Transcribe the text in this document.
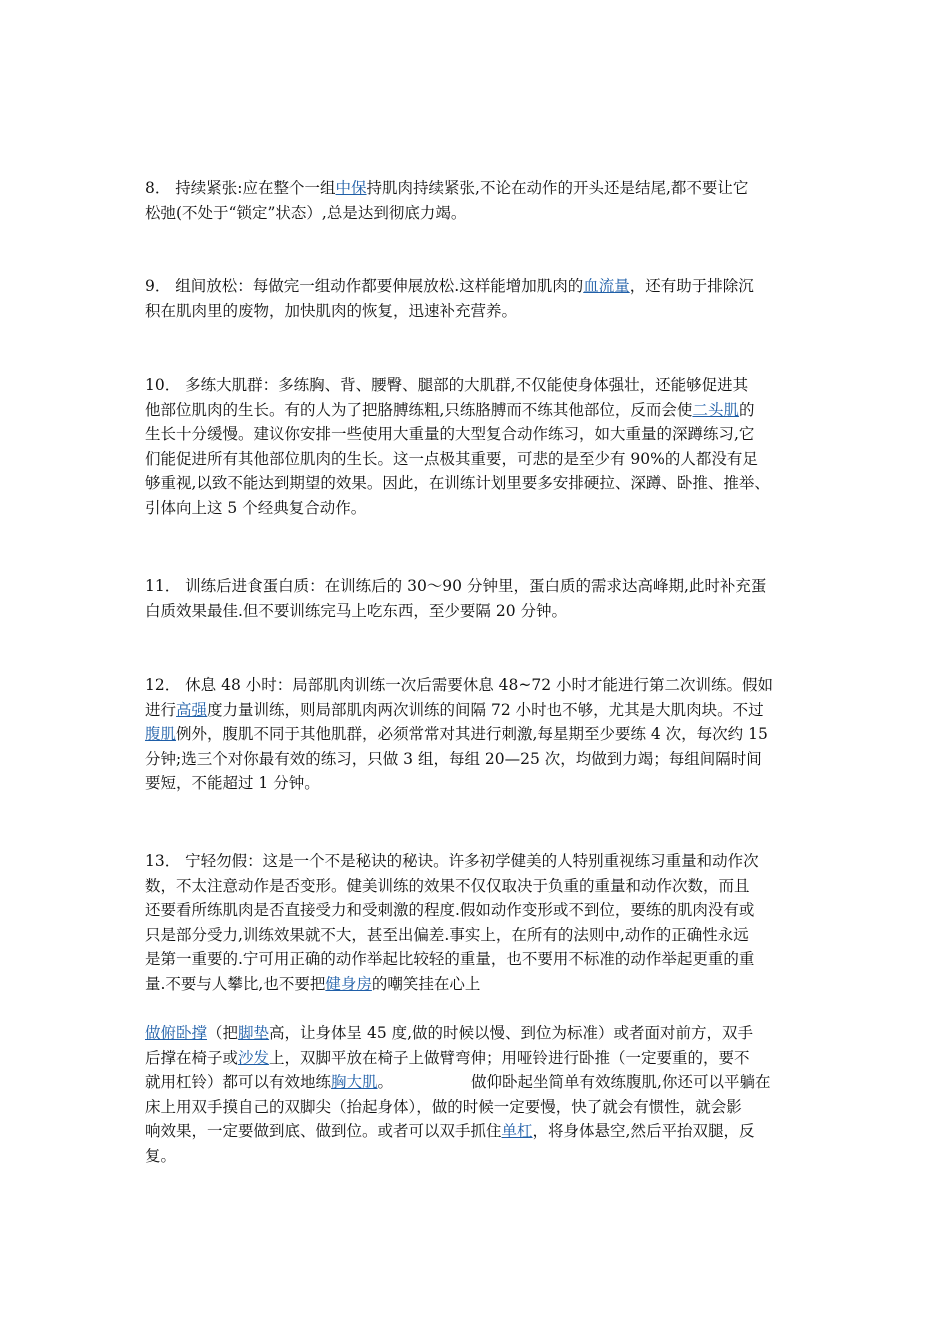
8． 持续紧张:应在整个一组中保持肌肉持续紧张,不论在动作的开头还是结尾,都不要让它
松弛(不处于“锁定”状态）,总是达到彻底力竭。
9． 组间放松：每做完一组动作都要伸展放松.这样能增加肌肉的血流量，还有助于排除沉
积在肌肉里的废物，加快肌肉的恢复，迅速补充营养。
10． 多练大肌群：多练胸、背、腰臀、腿部的大肌群,不仅能使身体强壮，还能够促进其
他部位肌肉的生长。有的人为了把胳膊练粗,只练胳膊而不练其他部位，反而会使二头肌的
生长十分缓慢。建议你安排一些使用大重量的大型复合动作练习，如大重量的深蹲练习,它
们能促进所有其他部位肌肉的生长。这一点极其重要，可悲的是至少有 90%的人都没有足
够重视,以致不能达到期望的效果。因此，在训练计划里要多安排硬拉、深蹲、卧推、推举、
引体向上这 5 个经典复合动作。
11． 训练后进食蛋白质：在训练后的 30～90 分钟里，蛋白质的需求达高峰期,此时补充蛋
白质效果最佳.但不要训练完马上吃东西，至少要隔 20 分钟。
12． 休息 48 小时：局部肌肉训练一次后需要休息 48~72 小时才能进行第二次训练。假如
进行高强度力量训练，则局部肌肉两次训练的间隔 72 小时也不够，尤其是大肌肉块。不过
腹肌例外，腹肌不同于其他肌群，必须常常对其进行刺激,每星期至少要练 4 次，每次约 15
分钟;选三个对你最有效的练习，只做 3 组，每组 20—25 次，均做到力竭；每组间隔时间
要短，不能超过 1 分钟。
13． 宁轻勿假：这是一个不是秘诀的秘诀。许多初学健美的人特别重视练习重量和动作次
数，不太注意动作是否变形。健美训练的效果不仅仅取决于负重的重量和动作次数，而且
还要看所练肌肉是否直接受力和受刺激的程度.假如动作变形或不到位，要练的肌肉没有或
只是部分受力,训练效果就不大，甚至出偏差.事实上，在所有的法则中,动作的正确性永远
是第一重要的.宁可用正确的动作举起比较轻的重量，也不要用不标准的动作举起更重的重
量.不要与人攀比,也不要把健身房的嘲笑挂在心上
做俯卧撑（把脚垫高，让身体呈 45 度,做的时候以慢、到位为标准）或者面对前方，双手
后撑在椅子或沙发上，双脚平放在椅子上做臂弯伸；用哑铃进行卧推（一定要重的，要不
就用杠铃）都可以有效地练胸大肌。	做仰卧起坐简单有效练腹肌,你还可以平躺在
床上用双手摸自己的双脚尖（抬起身体），做的时候一定要慢，快了就会有惯性，就会影
响效果，一定要做到底、做到位。或者可以双手抓住单杠，将身体悬空,然后平抬双腿，反
复。
